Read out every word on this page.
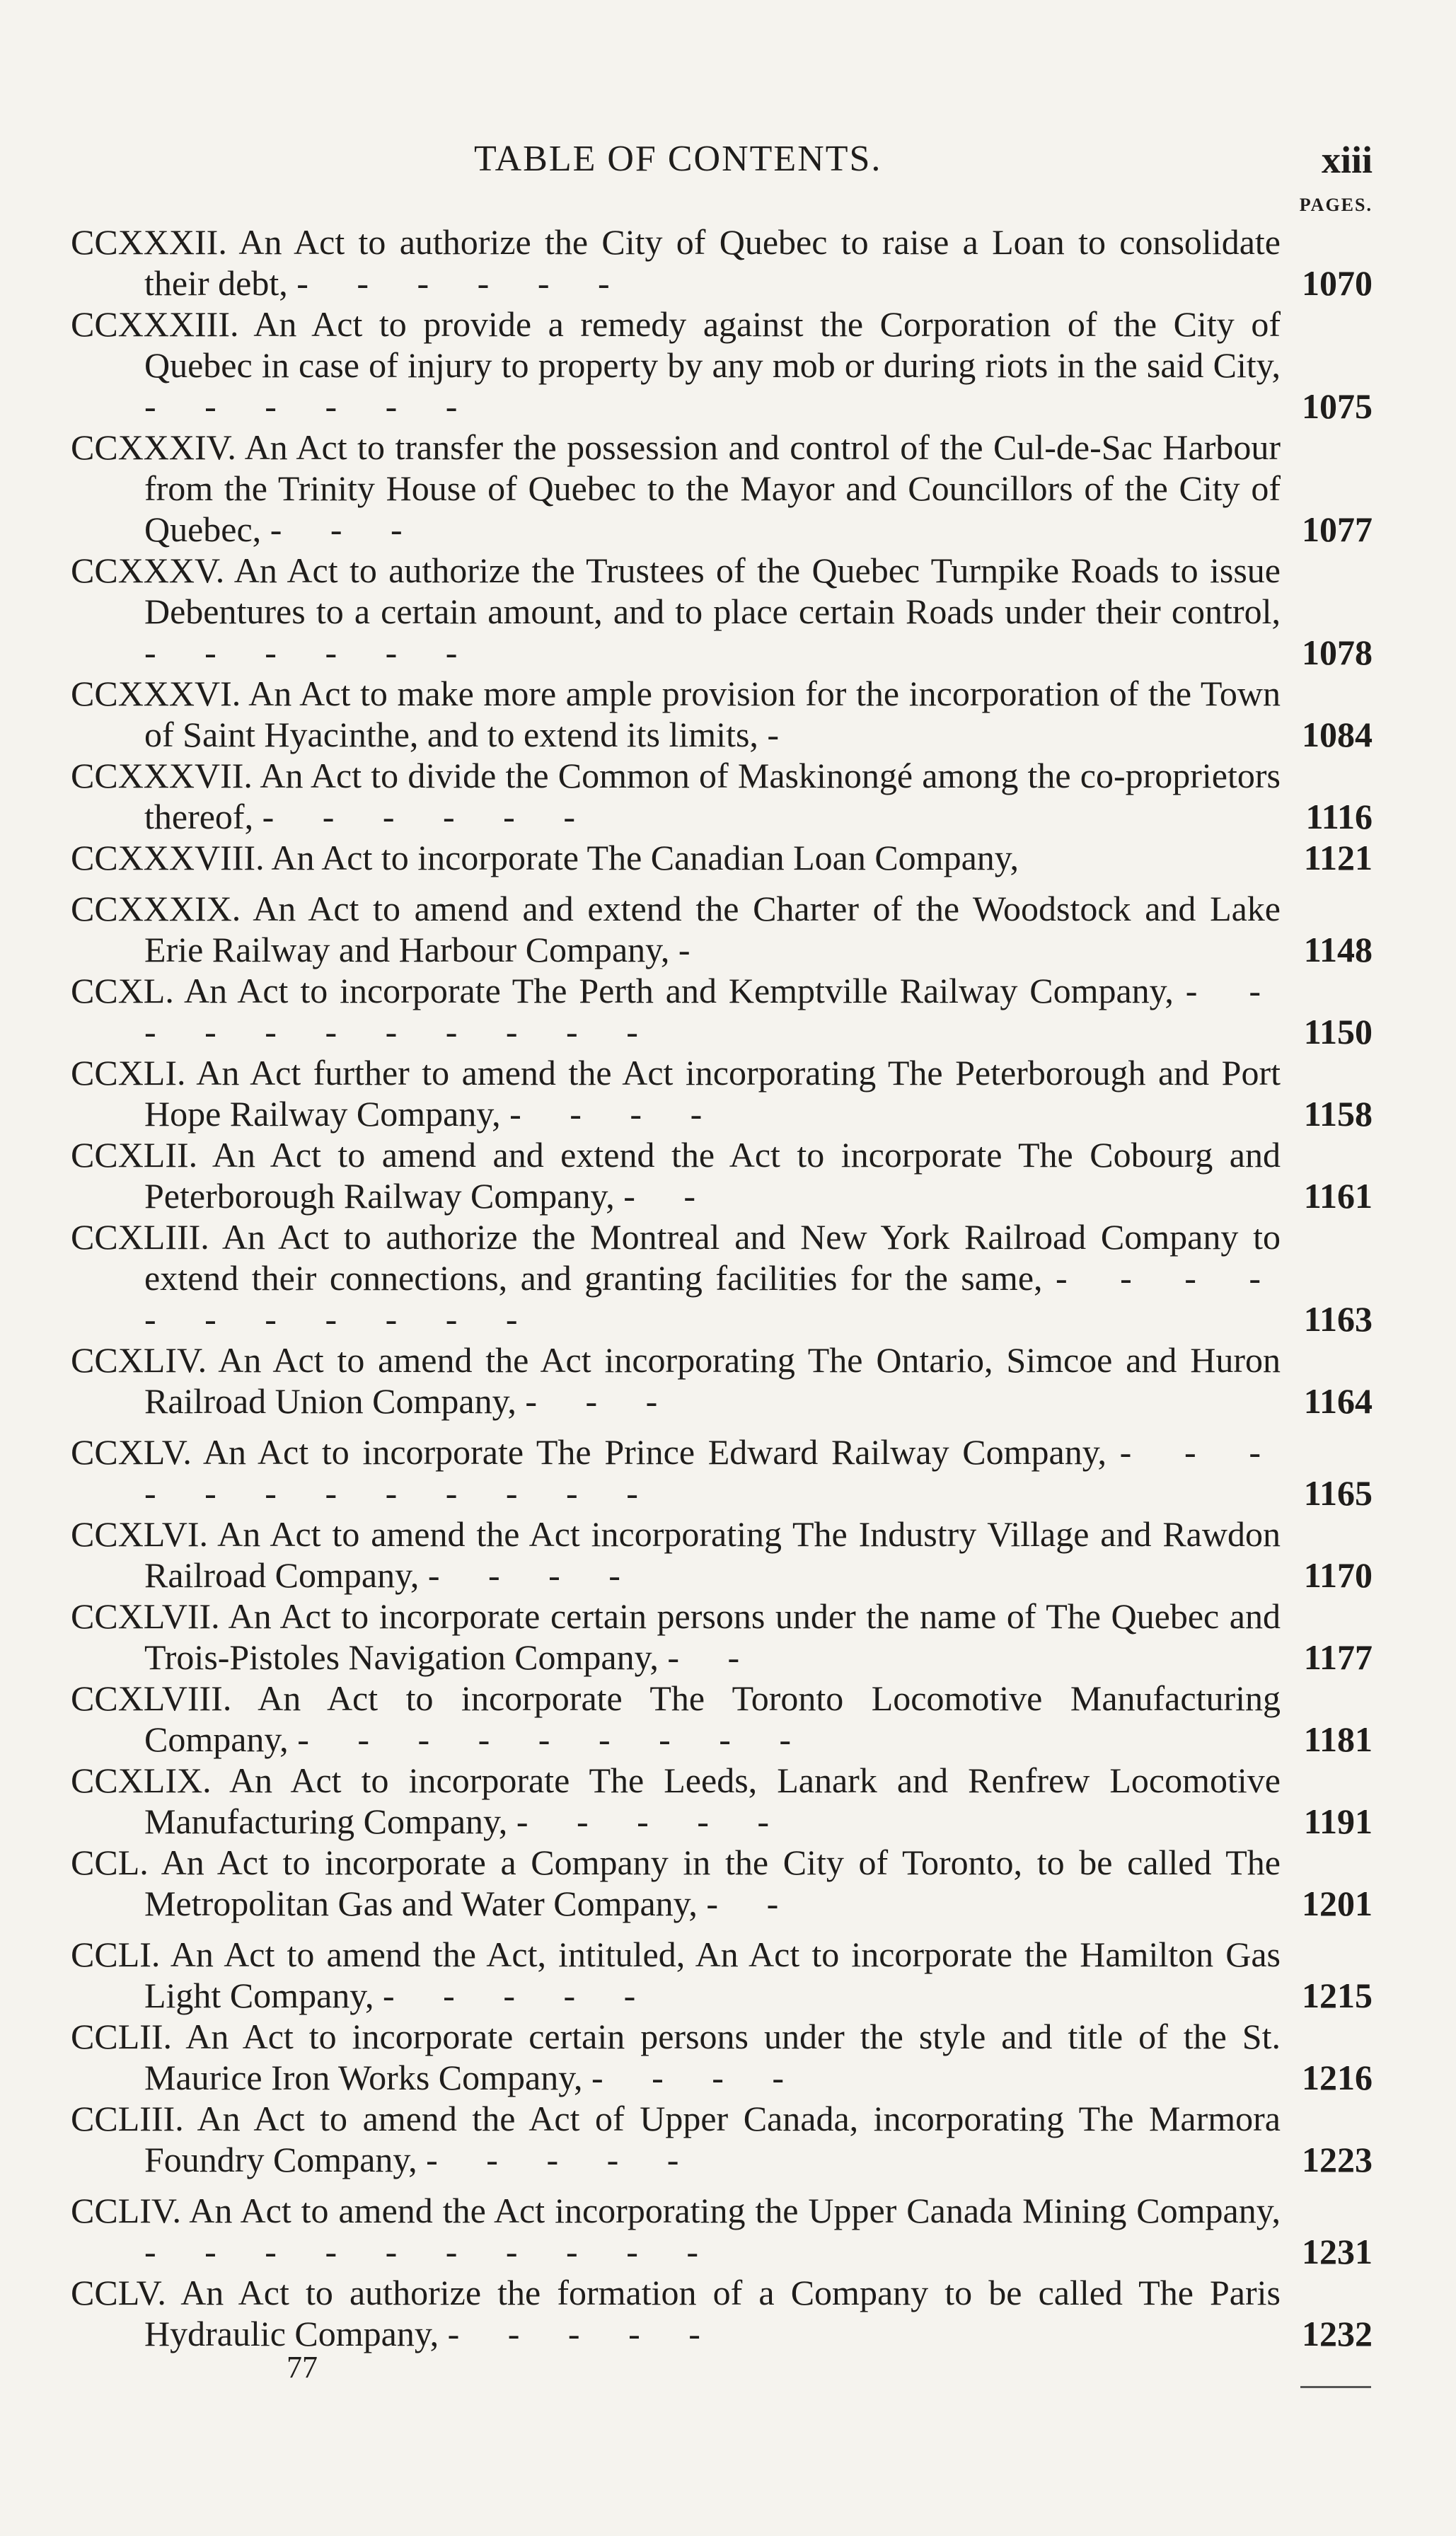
TABLE OF CONTENTS.	xiii
PAGES.
CCXXXII. An Act to authorize the City of Quebec to raise a Loan to consolidate their debt, - - - - - -	1070
CCXXXIII. An Act to provide a remedy against the Corporation of the City of Quebec in case of injury to property by any mob or during riots in the said City, - - - - - -	1075
CCXXXIV. An Act to transfer the possession and control of the Cul-de-Sac Harbour from the Trinity House of Quebec to the Mayor and Councillors of the City of Quebec, - - -	1077
CCXXXV. An Act to authorize the Trustees of the Quebec Turnpike Roads to issue Debentures to a certain amount, and to place certain Roads under their control, - - - - - -	1078
CCXXXVI. An Act to make more ample provision for the incorporation of the Town of Saint Hyacinthe, and to extend its limits, -	1084
CCXXXVII. An Act to divide the Common of Maskinongé among the co-proprietors thereof, - - - - - -	1116
CCXXXVIII. An Act to incorporate The Canadian Loan Company,	1121
CCXXXIX. An Act to amend and extend the Charter of the Woodstock and Lake Erie Railway and Harbour Company, -	1148
CCXL. An Act to incorporate The Perth and Kemptville Railway Company, - - - - - - - - - - -	1150
CCXLI. An Act further to amend the Act incorporating The Peterborough and Port Hope Railway Company, - - - -	1158
CCXLII. An Act to amend and extend the Act to incorporate The Cobourg and Peterborough Railway Company, - -	1161
CCXLIII. An Act to authorize the Montreal and New York Railroad Company to extend their connections, and granting facilities for the same, - - - - - - - - - - -	1163
CCXLIV. An Act to amend the Act incorporating The Ontario, Simcoe and Huron Railroad Union Company, - - -	1164
CCXLV. An Act to incorporate The Prince Edward Railway Company, - - - - - - - - - - - -	1165
CCXLVI. An Act to amend the Act incorporating The Industry Village and Rawdon Railroad Company, - - - -	1170
CCXLVII. An Act to incorporate certain persons under the name of The Quebec and Trois-Pistoles Navigation Company, - -	1177
CCXLVIII. An Act to incorporate The Toronto Locomotive Manufacturing Company, - - - - - - - - -	1181
CCXLIX. An Act to incorporate The Leeds, Lanark and Renfrew Locomotive Manufacturing Company, - - - - -	1191
CCL. An Act to incorporate a Company in the City of Toronto, to be called The Metropolitan Gas and Water Company, - -	1201
CCLI. An Act to amend the Act, intituled, An Act to incorporate the Hamilton Gas Light Company, - - - - -	1215
CCLII. An Act to incorporate certain persons under the style and title of the St. Maurice Iron Works Company, - - - -	1216
CCLIII. An Act to amend the Act of Upper Canada, incorporating The Marmora Foundry Company, - - - - -	1223
CCLIV. An Act to amend the Act incorporating the Upper Canada Mining Company, - - - - - - - - - -	1231
CCLV. An Act to authorize the formation of a Company to be called The Paris Hydraulic Company, - - - - -	1232
77
